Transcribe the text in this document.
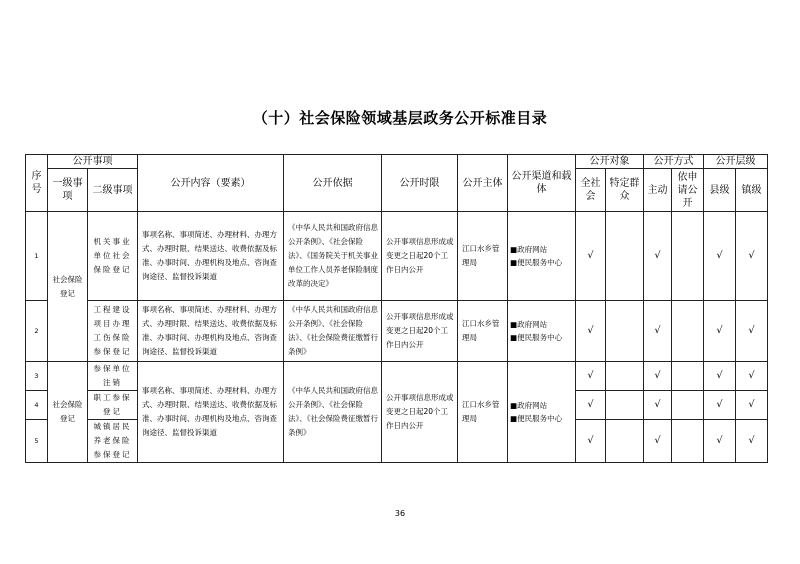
（十）社会保险领域基层政务公开标准目录
序号	公开事项		公开内容（要素）	公开依据	公开时限	公开主体	公开渠道和载体	公开对象		公开方式		公开层级	
	一级事项	二级事项						全社会	特定群众	主动	依申请公开	县级	镇级
1	社会保险登记	机关事业单位社会保险登记	事项名称、事项简述、办理材料、办理方式、办理时限、结果送达、收费依据及标准、办事时间、办理机构及地点、咨询查询途径、监督投诉渠道	《中华人民共和国政府信息公开条例》、《社会保险法》、《国务院关于机关事业单位工作人员养老保险制度改革的决定》	公开事项信息形成或变更之日起20个工作日内公开	江口水乡管理局	■政府网站
■便民服务中心	√		√		√	√
2		工程建设项目办理工伤保险参保登记	事项名称、事项简述、办理材料、办理方式、办理时限、结果送达、收费依据及标准、办事时间、办理机构及地点、咨询查询途径、监督投诉渠道	《中华人民共和国政府信息公开条例》、《社会保险法》、《社会保险费征缴暂行条例》	公开事项信息形成或变更之日起20个工作日内公开	江口水乡管理局	■政府网站
■便民服务中心	√		√		√	√
3	社会保险登记	参保单位注销	事项名称、事项简述、办理材料、办理方式、办理时限、结果送达、收费依据及标准、办事时间、办理机构及地点、咨询查询途径、监督投诉渠道	《中华人民共和国政府信息公开条例》、《社会保险法》、《社会保险费征缴暂行条例》	公开事项信息形成或变更之日起20个工作日内公开	江口水乡管理局	■政府网站
■便民服务中心	√		√		√	√
4		职工参保登记						√		√		√	√
5		城镇居民养老保险参保登记						√		√		√	√
36
